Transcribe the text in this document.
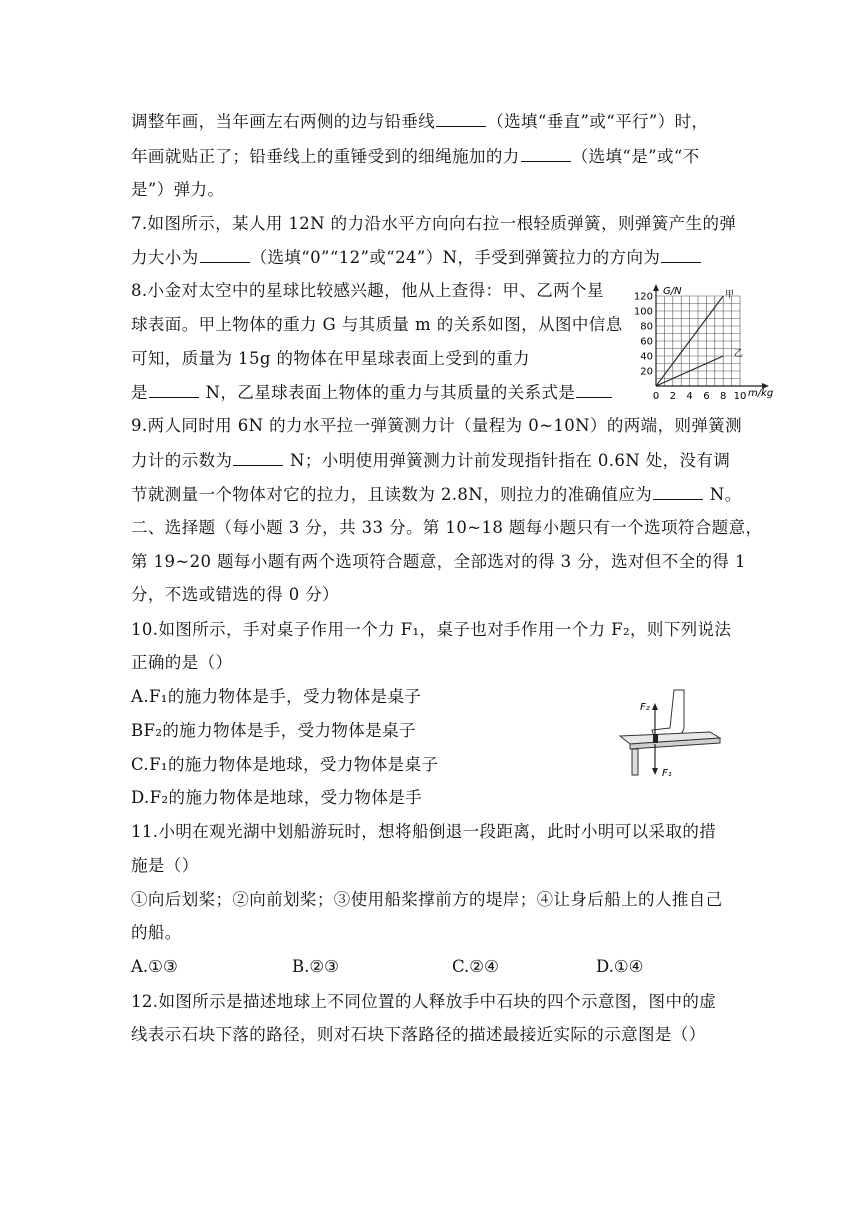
调整年画，当年画左右两侧的边与铅垂线	（选填“垂直”或“平行”）时，
年画就贴正了；铅垂线上的重锤受到的细绳施加的力	（选填“是”或“不
是”）弹力。
7.如图所示，某人用 12N 的力沿水平方向向右拉一根轻质弹簧，则弹簧产生的弹
力大小为	（选填“0”“12”或“24”）N，手受到弹簧拉力的方向为
8.小金对太空中的星球比较感兴趣，他从上查得：甲、乙两个星
球表面。甲上物体的重力 G 与其质量 m 的关系如图，从图中信息
可知，质量为 15g 的物体在甲星球表面上受到的重力
是	N，乙星球表面上物体的重力与其质量的关系式是
120
100
80
60
40
20
0 2 4 6 8 10
G/N
m/kg
甲
乙
9.两人同时用 6N 的力水平拉一弹簧测力计（量程为 0~10N）的两端，则弹簧测
力计的示数为	N；小明使用弹簧测力计前发现指针指在 0.6N 处，没有调
节就测量一个物体对它的拉力，且读数为 2.8N，则拉力的准确值应为	N。
二、选择题（每小题 3 分，共 33 分。第 10~18 题每小题只有一个选项符合题意，
第 19~20 题每小题有两个选项符合题意，全部选对的得 3 分，选对但不全的得 1
分，不选或错选的得 0 分）
10.如图所示，手对桌子作用一个力 F₁，桌子也对手作用一个力 F₂，则下列说法
正确的是（）
A.F₁的施力物体是手，受力物体是桌子
BF₂的施力物体是手，受力物体是桌子
C.F₁的施力物体是地球，受力物体是桌子
D.F₂的施力物体是地球，受力物体是手
F₂
F₁
11.小明在观光湖中划船游玩时，想将船倒退一段距离，此时小明可以采取的措
施是（）
①向后划桨；②向前划桨；③使用船桨撑前方的堤岸；④让身后船上的人推自己
的船。
A.①③	B.②③	C.②④	D.①④
12.如图所示是描述地球上不同位置的人释放手中石块的四个示意图，图中的虚
线表示石块下落的路径，则对石块下落路径的描述最接近实际的示意图是（）
